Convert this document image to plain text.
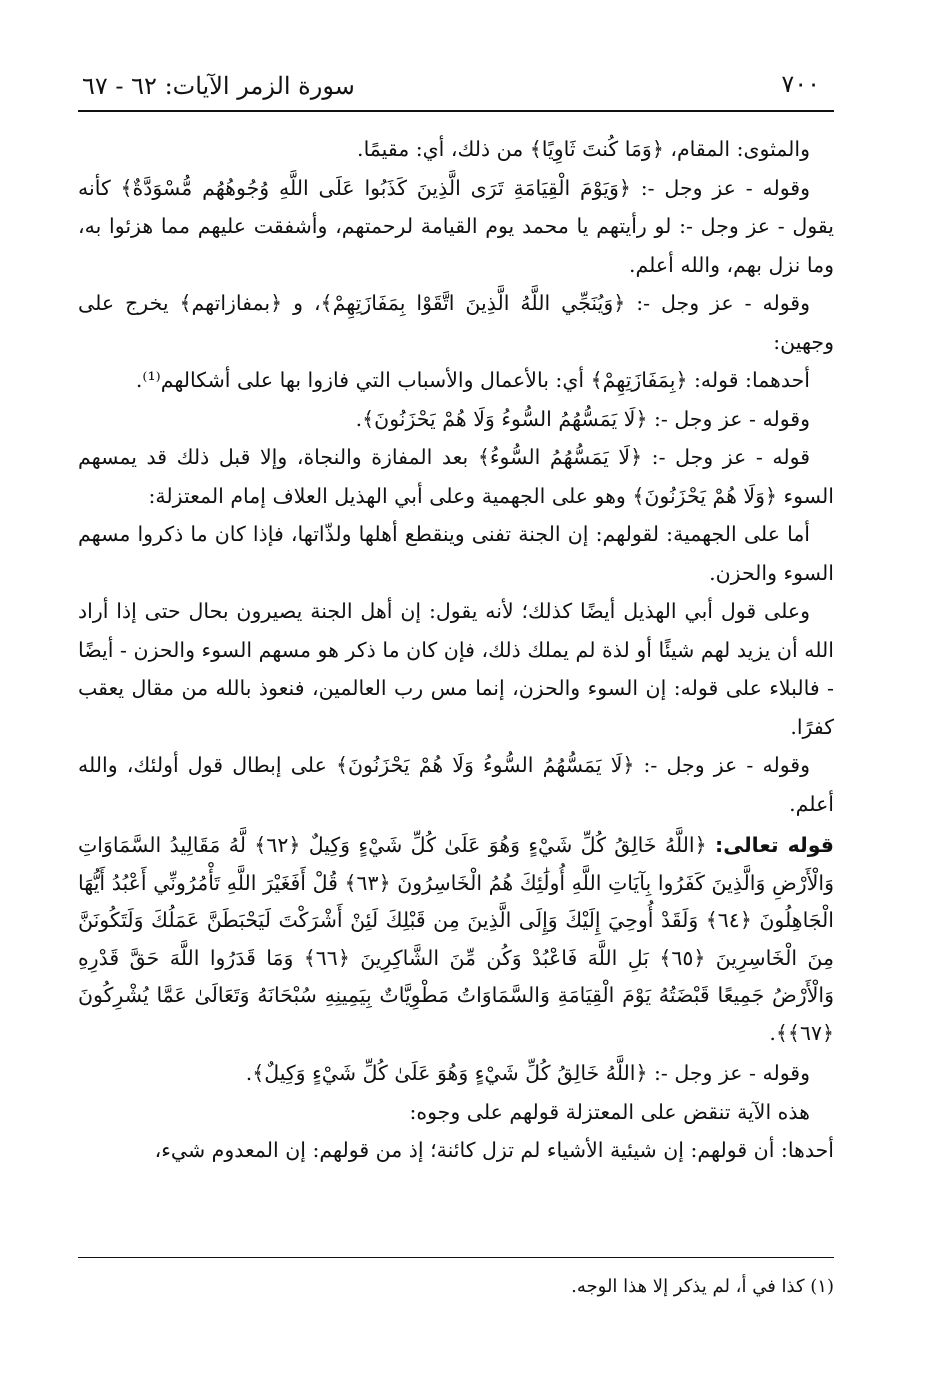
٧٠٠
سورة الزمر الآيات: ٦٢ - ٦٧

والمثوى: المقام، ﴿وَمَا كُنتَ ثَاوِيًا﴾ من ذلك، أي: مقيمًا.

وقوله - عز وجل -: ﴿وَيَوْمَ الْقِيَامَةِ تَرَى الَّذِينَ كَذَبُوا عَلَى اللَّهِ وُجُوهُهُم مُّسْوَدَّةٌ﴾ كأنه يقول - عز وجل -: لو رأيتهم يا محمد يوم القيامة لرحمتهم، وأشفقت عليهم مما هزئوا به، وما نزل بهم، والله أعلم.

وقوله - عز وجل -: ﴿وَيُنَجِّي اللَّهُ الَّذِينَ اتَّقَوْا بِمَفَازَتِهِمْ﴾، و ﴿بمفازاتهم﴾ يخرج على وجهين:

أحدهما: قوله: ﴿بِمَفَازَتِهِمْ﴾ أي: بالأعمال والأسباب التي فازوا بها على أشكالهم⁽¹⁾.

وقوله - عز وجل -: ﴿لَا يَمَسُّهُمُ السُّوءُ وَلَا هُمْ يَحْزَنُونَ﴾.

قوله - عز وجل -: ﴿لَا يَمَسُّهُمُ السُّوءُ﴾ بعد المفازة والنجاة، وإلا قبل ذلك قد يمسهم السوء ﴿وَلَا هُمْ يَحْزَنُونَ﴾ وهو على الجهمية وعلى أبي الهذيل العلاف إمام المعتزلة:

أما على الجهمية: لقولهم: إن الجنة تفنى وينقطع أهلها ولذّاتها، فإذا كان ما ذكروا مسهم السوء والحزن.

وعلى قول أبي الهذيل أيضًا كذلك؛ لأنه يقول: إن أهل الجنة يصيرون بحال حتى إذا أراد الله أن يزيد لهم شيئًا أو لذة لم يملك ذلك، فإن كان ما ذكر هو مسهم السوء والحزن - أيضًا - فالبلاء على قوله: إن السوء والحزن، إنما مس رب العالمين، فنعوذ بالله من مقال يعقب كفرًا.

وقوله - عز وجل -: ﴿لَا يَمَسُّهُمُ السُّوءُ وَلَا هُمْ يَحْزَنُونَ﴾ على إبطال قول أولئك، والله أعلم.

قوله تعالى: ﴿اللَّهُ خَالِقُ كُلِّ شَيْءٍ وَهُوَ عَلَىٰ كُلِّ شَيْءٍ وَكِيلٌ ﴿٦٢﴾ لَّهُ مَقَالِيدُ السَّمَاوَاتِ وَالْأَرْضِ وَالَّذِينَ كَفَرُوا بِآيَاتِ اللَّهِ أُولَٰئِكَ هُمُ الْخَاسِرُونَ ﴿٦٣﴾ قُلْ أَفَغَيْرَ اللَّهِ تَأْمُرُونِّي أَعْبُدُ أَيُّهَا الْجَاهِلُونَ ﴿٦٤﴾ وَلَقَدْ أُوحِيَ إِلَيْكَ وَإِلَى الَّذِينَ مِن قَبْلِكَ لَئِنْ أَشْرَكْتَ لَيَحْبَطَنَّ عَمَلُكَ وَلَتَكُونَنَّ مِنَ الْخَاسِرِينَ ﴿٦٥﴾ بَلِ اللَّهَ فَاعْبُدْ وَكُن مِّنَ الشَّاكِرِينَ ﴿٦٦﴾ وَمَا قَدَرُوا اللَّهَ حَقَّ قَدْرِهِ وَالْأَرْضُ جَمِيعًا قَبْضَتُهُ يَوْمَ الْقِيَامَةِ وَالسَّمَاوَاتُ مَطْوِيَّاتٌ بِيَمِينِهِ سُبْحَانَهُ وَتَعَالَىٰ عَمَّا يُشْرِكُونَ ﴿٦٧﴾﴾.

وقوله - عز وجل -: ﴿اللَّهُ خَالِقُ كُلِّ شَيْءٍ وَهُوَ عَلَىٰ كُلِّ شَيْءٍ وَكِيلٌ﴾.

هذه الآية تنقض على المعتزلة قولهم على وجوه:

أحدها: أن قولهم: إن شيئية الأشياء لم تزل كائنة؛ إذ من قولهم: إن المعدوم شيء،

(١) كذا في أ، لم يذكر إلا هذا الوجه.
